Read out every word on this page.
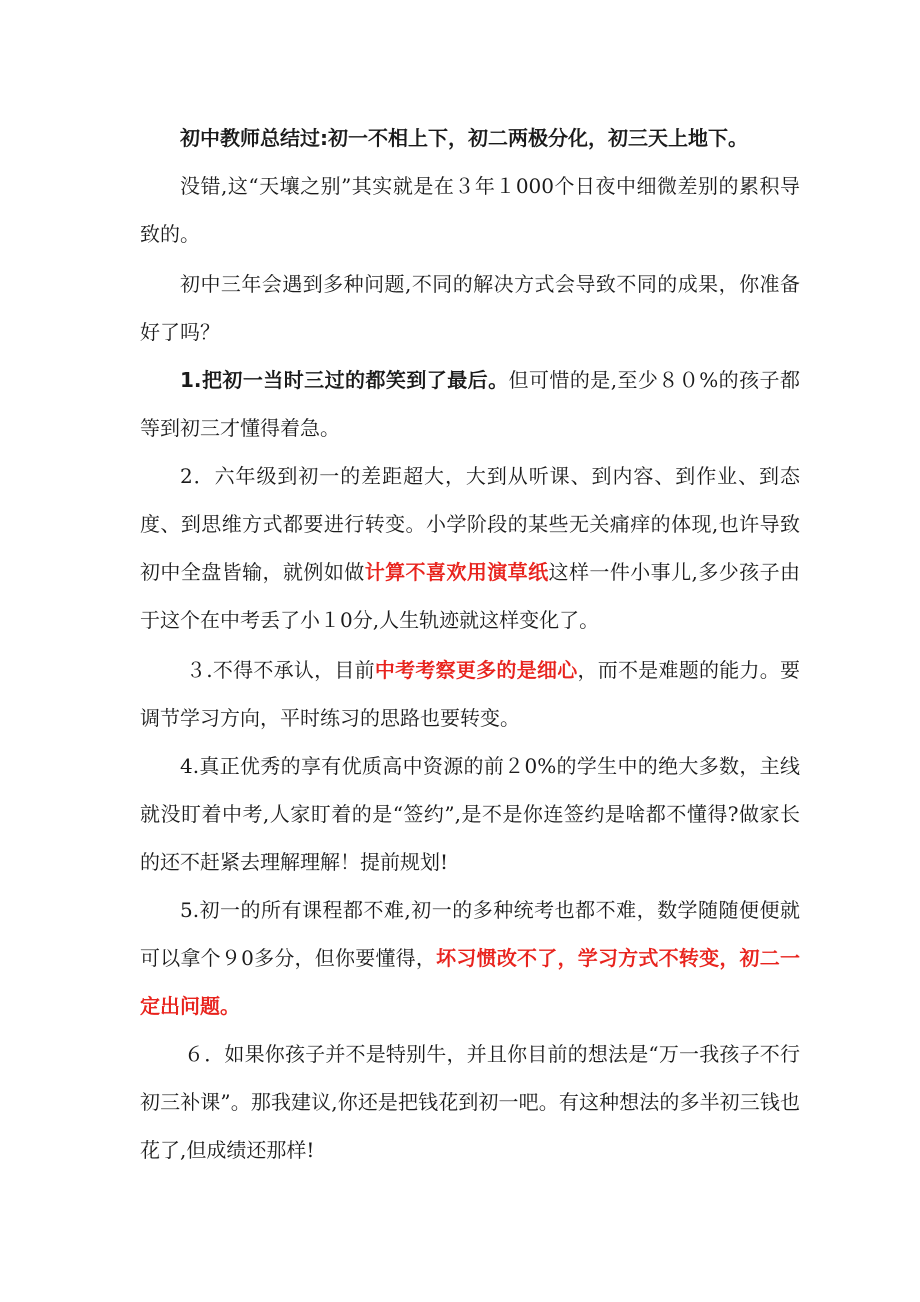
初中教师总结过:初一不相上下，初二两极分化，初三天上地下。

没错,这“天壤之别”其实就是在３年１000个日夜中细微差别的累积导致的。

初中三年会遇到多种问题,不同的解决方式会导致不同的成果，你准备好了吗？

1.把初一当时三过的都笑到了最后。但可惜的是,至少８０%的孩子都等到初三才懂得着急。

2．六年级到初一的差距超大，大到从听课、到内容、到作业、到态度、到思维方式都要进行转变。小学阶段的某些无关痛痒的体现,也许导致初中全盘皆输，就例如做计算不喜欢用演草纸这样一件小事儿,多少孩子由于这个在中考丢了小１0分,人生轨迹就这样变化了。

３.不得不承认，目前中考考察更多的是细心，而不是难题的能力。要调节学习方向，平时练习的思路也要转变。

4.真正优秀的享有优质高中资源的前２0%的学生中的绝大多数，主线就没盯着中考,人家盯着的是“签约”,是不是你连签约是啥都不懂得?做家长的还不赶紧去理解理解！提前规划!

5.初一的所有课程都不难,初一的多种统考也都不难，数学随随便便就可以拿个９0多分，但你要懂得，坏习惯改不了，学习方式不转变，初二一定出问题。

６．如果你孩子并不是特别牛，并且你目前的想法是“万一我孩子不行初三补课”。那我建议,你还是把钱花到初一吧。有这种想法的多半初三钱也花了,但成绩还那样!
